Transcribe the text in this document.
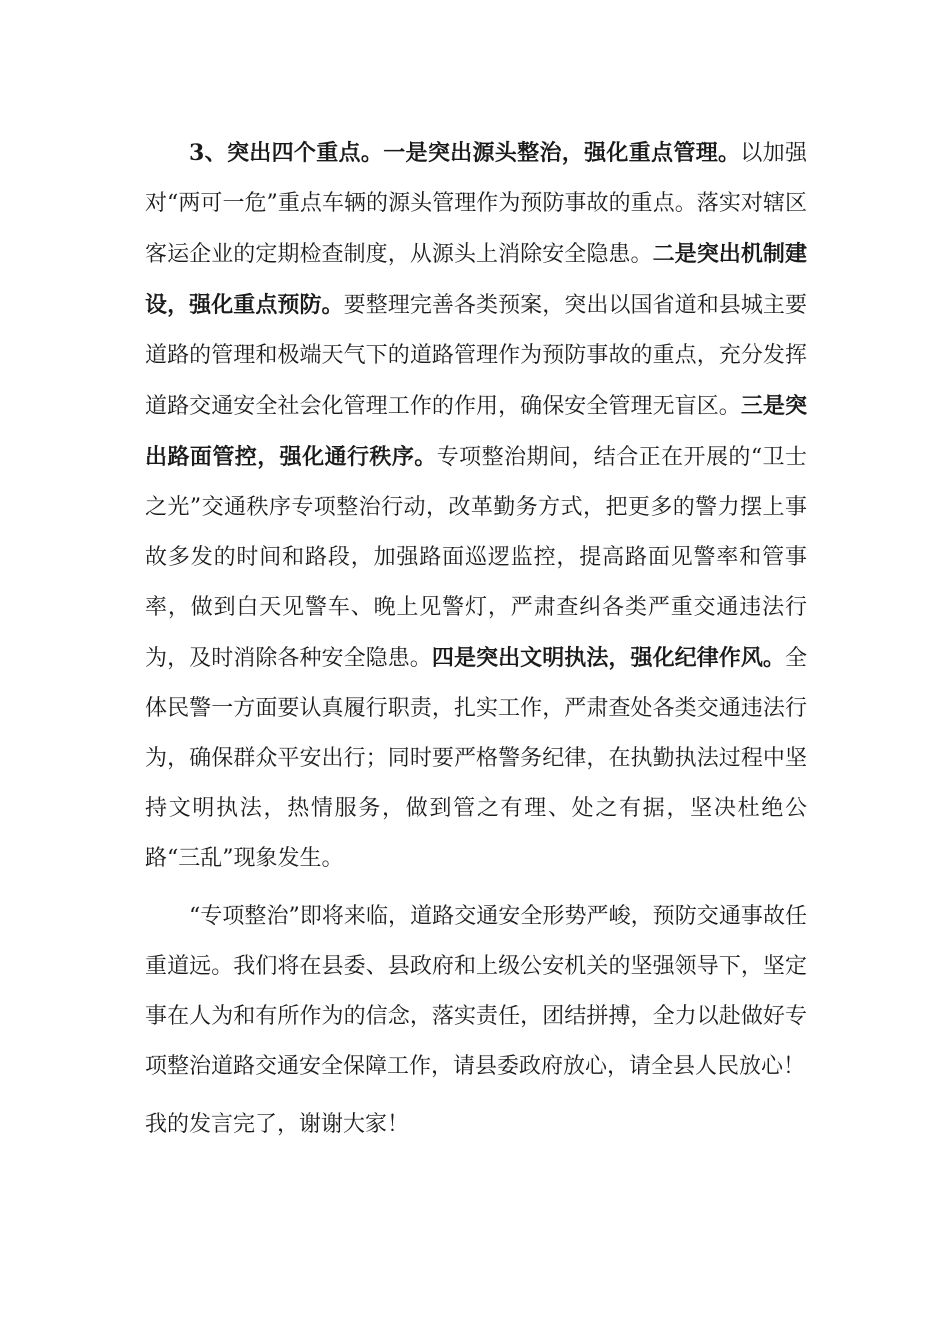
3、突出四个重点。一是突出源头整治，强化重点管理。以加强对“两可一危”重点车辆的源头管理作为预防事故的重点。落实对辖区客运企业的定期检查制度，从源头上消除安全隐患。二是突出机制建设，强化重点预防。要整理完善各类预案，突出以国省道和县城主要道路的管理和极端天气下的道路管理作为预防事故的重点，充分发挥道路交通安全社会化管理工作的作用，确保安全管理无盲区。三是突出路面管控，强化通行秩序。专项整治期间，结合正在开展的“卫士之光”交通秩序专项整治行动，改革勤务方式，把更多的警力摆上事故多发的时间和路段，加强路面巡逻监控，提高路面见警率和管事率，做到白天见警车、晚上见警灯，严肃查纠各类严重交通违法行为，及时消除各种安全隐患。四是突出文明执法，强化纪律作风。全体民警一方面要认真履行职责，扎实工作，严肃查处各类交通违法行为，确保群众平安出行；同时要严格警务纪律，在执勤执法过程中坚持文明执法，热情服务，做到管之有理、处之有据，坚决杜绝公路“三乱”现象发生。

“专项整治”即将来临，道路交通安全形势严峻，预防交通事故任重道远。我们将在县委、县政府和上级公安机关的坚强领导下，坚定事在人为和有所作为的信念，落实责任，团结拼搏，全力以赴做好专项整治道路交通安全保障工作，请县委政府放心，请全县人民放心！

我的发言完了，谢谢大家！
